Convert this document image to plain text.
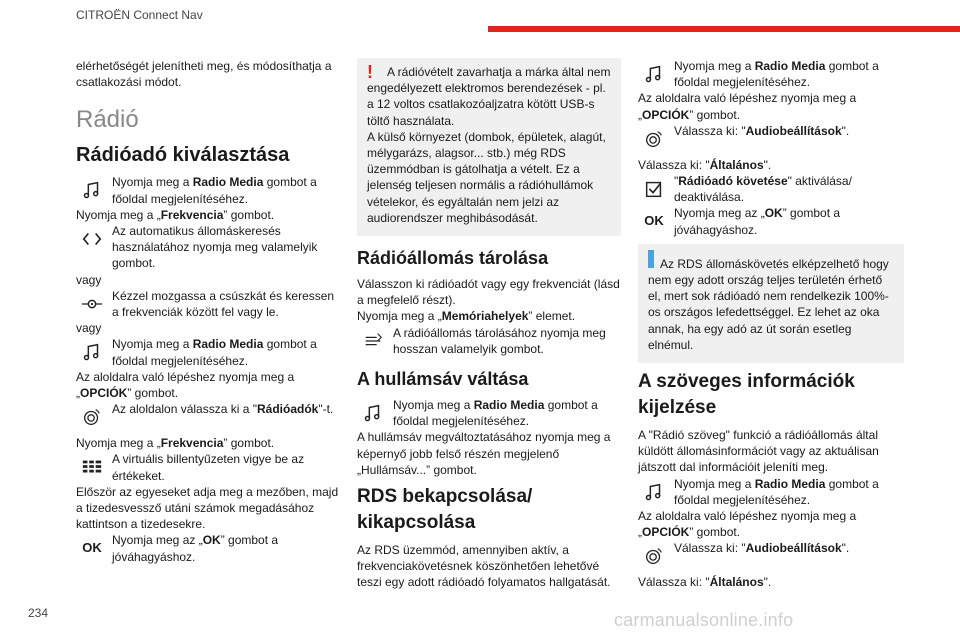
CITROËN Connect Nav

elérhetőségét jelenítheti meg, és módosíthatja a csatlakozási módot.

Rádió
Rádióadó kiválasztása
Nyomja meg a Radio Media gombot a főoldal megjelenítéséhez.

Nyomja meg a „Frekvencia” gombot.

Az automatikus állomáskeresés használatához nyomja meg valamelyik gombot.

vagy

Kézzel mozgassa a csúszkát és keressen a frekvenciák között fel vagy le.

vagy

Nyomja meg a Radio Media gombot a főoldal megjelenítéséhez.

Az aloldalra való lépéshez nyomja meg a „OPCIÓK” gombot.

Az aloldalon válassza ki a "Rádióadók"-t.

Nyomja meg a „Frekvencia” gombot.

A virtuális billentyűzeten vigye be az értékeket.

Először az egyeseket adja meg a mezőben, majd a tizedesvessző utáni számok megadásához kattintson a tizedesekre.

OK Nyomja meg az „OK” gombot a jóváhagyáshoz.

! A rádióvételt zavarhatja a márka által nem engedélyezett elektromos berendezések - pl. a 12 voltos csatlakozóaljzatra kötött USB-s töltő használata.

A külső környezet (dombok, épületek, alagút, mélygarázs, alagsor... stb.) még RDS üzemmódban is gátolhatja a vételt. Ez a jelenség teljesen normális a rádióhullámok vételekor, és egyáltalán nem jelzi az audiorendszer meghibásodását.

Rádióállomás tárolása

Válasszon ki rádióadót vagy egy frekvenciát (lásd a megfelelő részt).

Nyomja meg a „Memóriahelyek” elemet.

A rádióállomás tárolásához nyomja meg hosszan valamelyik gombot.
A hullámsáv váltása
Nyomja meg a Radio Media gombot a főoldal megjelenítéséhez.

A hullámsáv megváltoztatásához nyomja meg a képernyő jobb felső részén megjelenő „Hullámsáv...” gombot.

RDS bekapcsolása/ kikapcsolása

Az RDS üzemmód, amennyiben aktív, a frekvenciakövetésnek köszönhetően lehetővé teszi egy adott rádióadó folyamatos hallgatását.

Nyomja meg a Radio Media gombot a főoldal megjelenítéséhez.

Az aloldalra való lépéshez nyomja meg a „OPCIÓK” gombot.

Válassza ki: "Audiobeállítások".

Válassza ki: "Általános".

"Rádióadó követése" aktiválása/ deaktiválása.
OK Nyomja meg az „OK” gombot a jóváhagyáshoz.

Az RDS állomáskövetés elképzelhető hogy nem egy adott ország teljes területén érhető el, mert sok rádióadó nem rendelkezik 100%-os országos lefedettséggel. Ez lehet az oka annak, ha egy adó az út során esetleg elnémul.

A szöveges információk kijelzése

A "Rádió szöveg" funkció a rádióállomás által küldött állomásinformációt vagy az aktuálisan játszott dal információit jeleníti meg.

Nyomja meg a Radio Media gombot a főoldal megjelenítéséhez.

Az aloldalra való lépéshez nyomja meg a „OPCIÓK” gombot.

Válassza ki: "Audiobeállítások".

Válassza ki: "Általános".

234	carmanualsonline.info
